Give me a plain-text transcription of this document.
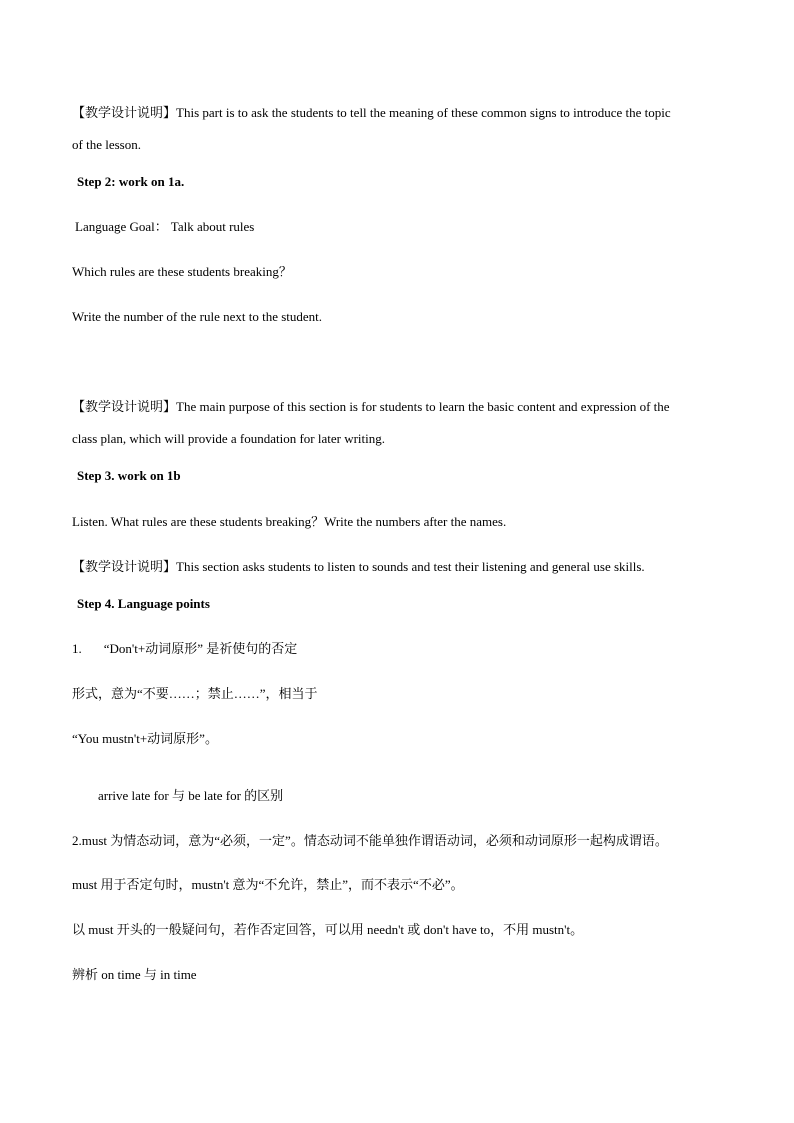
【教学设计说明】This part is to ask the students to tell the meaning of these common signs to introduce the topic
of the lesson.
Step 2: work on 1a.
Language Goal： Talk about rules
Which rules are these students breaking？
Write the number of the rule next to the student.
【教学设计说明】The main purpose of this section is for students to learn the basic content and expression of the
class plan, which will provide a foundation for later writing.
Step 3. work on 1b
Listen. What rules are these students breaking？Write the numbers after the names.
【教学设计说明】This section asks students to listen to sounds and test their listening and general use skills.
Step 4. Language points
1. “Don't+动词原形” 是祈使句的否定
形式，意为“不要……；禁止……”，相当于
“You mustn't+动词原形”。
arrive late for 与 be late for 的区别
2.must 为情态动词，意为“必须，一定”。情态动词不能单独作谓语动词，必须和动词原形一起构成谓语。
must 用于否定句时，mustn't 意为“不允许，禁止”，而不表示“不必”。
以 must 开头的一般疑问句，若作否定回答，可以用 needn't 或 don't have to，不用 mustn't。
辨析 on time 与 in time
